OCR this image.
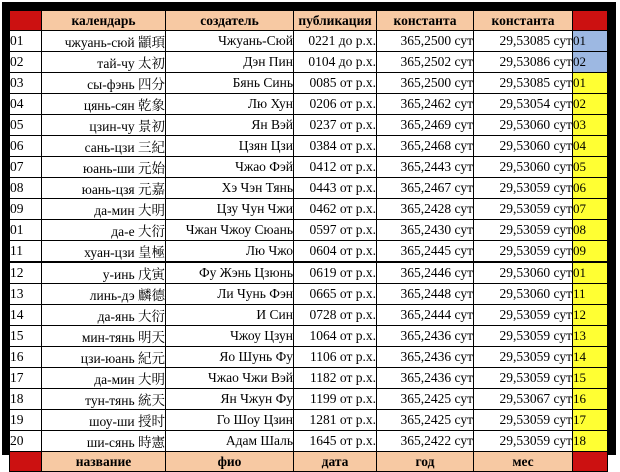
	календарь	создатель	публикация	константа	константа	
01	чжуань-сюй 顓頊	Чжуань-Сюй	0221 до р.х.	365,2500 сут	29,53085 сут	01
02	тай-чу 太初	Дэн Пин	0104 до р.х.	365,2502 сут	29,53086 сут	02
03	сы-фэнь 四分	Бянь Синь	0085 от р.х.	365,2500 сут	29,53085 сут	01
04	цянь-сян 乾象	Лю Хун	0206 от р.х.	365,2462 сут	29,53054 сут	02
05	цзин-чу 景初	Ян Вэй	0237 от р.х.	365,2469 сут	29,53060 сут	03
06	сань-цзи 三紀	Цзян Цзи	0384 от р.х.	365,2468 сут	29,53060 сут	04
07	юань-ши 元始	Чжао Фэй	0412 от р.х.	365,2443 сут	29,53060 сут	05
08	юань-цзя 元嘉	Хэ Чэн Тянь	0443 от р.х.	365,2467 сут	29,53059 сут	06
09	да-мин 大明	Цзу Чун Чжи	0462 от р.х.	365,2428 сут	29,53059 сут	07
01	да-е 大衍	Чжан Чжоу Сюань	0597 от р.х.	365,2430 сут	29,53059 сут	08
11	хуан-цзи 皇極	Лю Чжо	0604 от р.х.	365,2445 сут	29,53059 сут	09
12	у-инь 戊寅	Фу Жэнь Цзюнь	0619 от р.х.	365,2446 сут	29,53060 сут	01
13	линь-дэ 麟德	Ли Чунь Фэн	0665 от р.х.	365,2448 сут	29,53060 сут	11
14	да-янь 大衍	И Син	0728 от р.х.	365,2444 сут	29,53059 сут	12
15	мин-тянь 明天	Чжоу Цзун	1064 от р.х.	365,2436 сут	29,53059 сут	13
16	цзи-юань 紀元	Яо Шунь Фу	1106 от р.х.	365,2436 сут	29,53059 сут	14
17	да-мин 大明	Чжао Чжи Вэй	1182 от р.х.	365,2436 сут	29,53059 сут	15
18	тун-тянь 統天	Ян Чжун Фу	1199 от р.х.	365,2425 сут	29,53067 сут	16
19	шоу-ши 授时	Го Шоу Цзин	1281 от р.х.	365,2425 сут	29,53059 сут	17
20	ши-сянь 時憲	Адам Шаль	1645 от р.х.	365,2422 сут	29,53059 сут	18
	название	фио	дата	год	мес	
